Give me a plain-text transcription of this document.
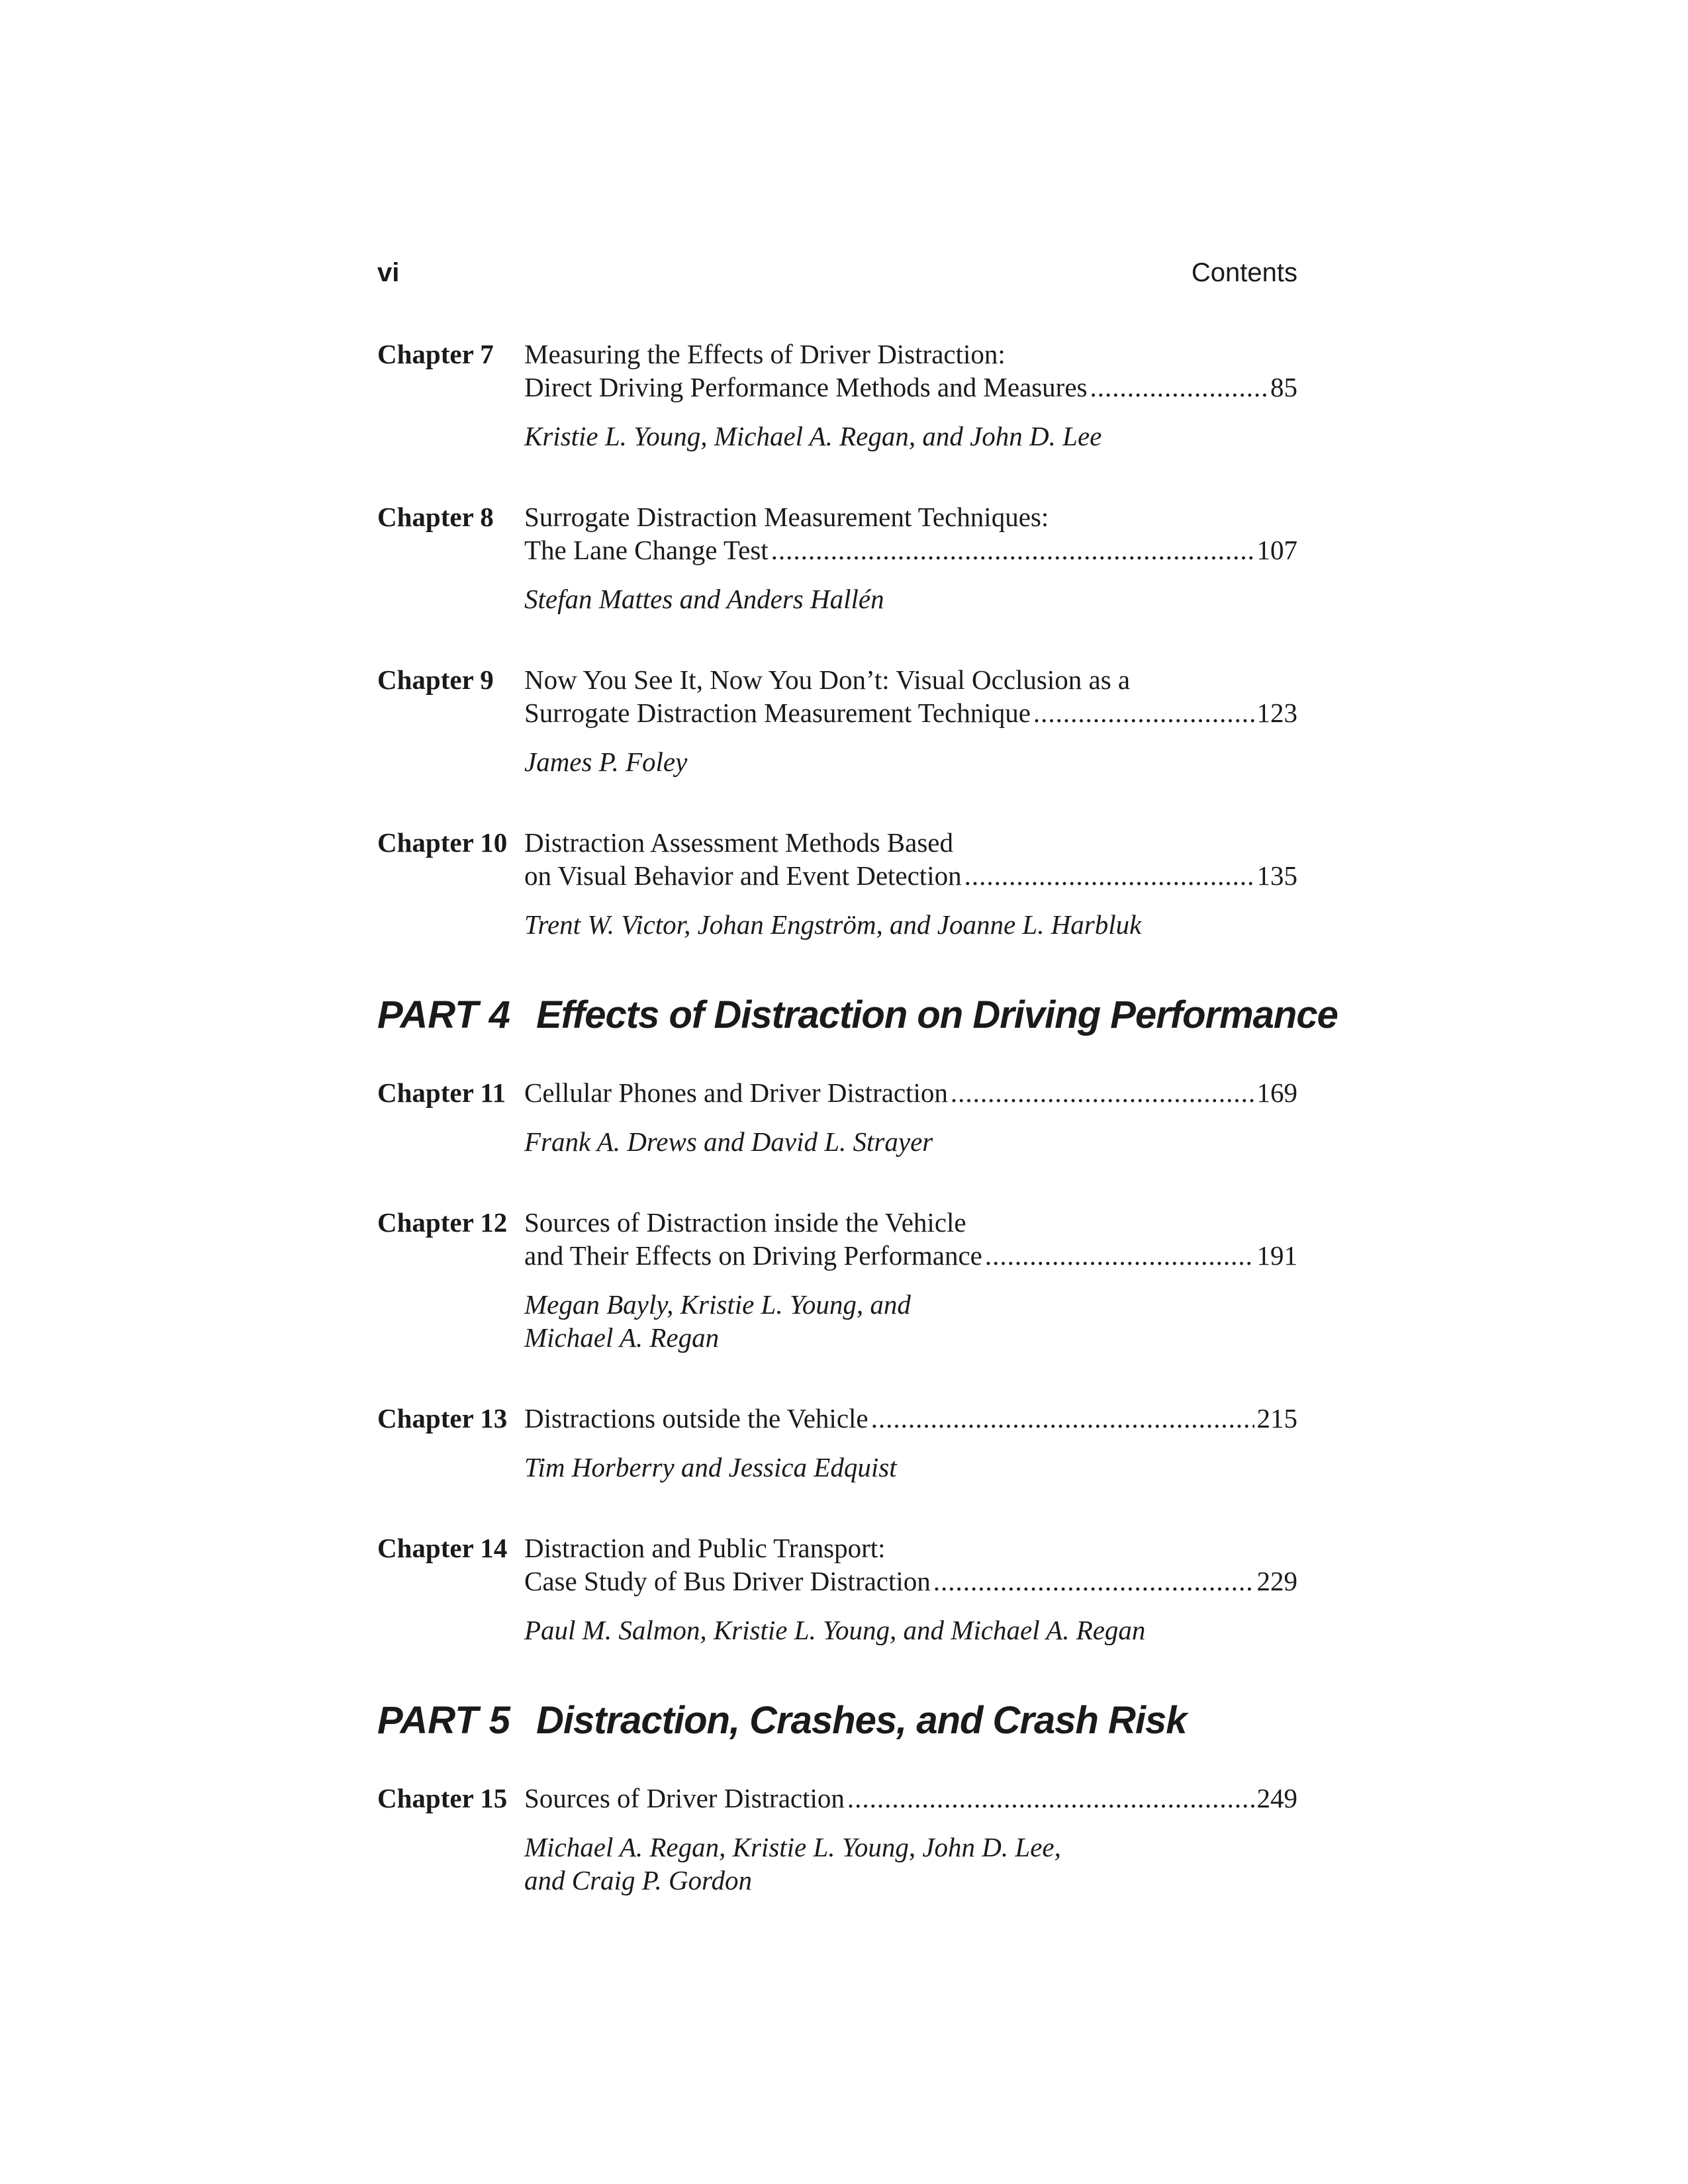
vi	Contents
Chapter 7 Measuring the Effects of Driver Distraction:
Direct Driving Performance Methods and Measures .....	85
Kristie L. Young, Michael A. Regan, and John D. Lee
Chapter 8 Surrogate Distraction Measurement Techniques:
The Lane Change Test .....	107
Stefan Mattes and Anders Hallén
Chapter 9 Now You See It, Now You Don’t: Visual Occlusion as a
Surrogate Distraction Measurement Technique .....	123
James P. Foley
Chapter 10 Distraction Assessment Methods Based
on Visual Behavior and Event Detection .....	135
Trent W. Victor, Johan Engström, and Joanne L. Harbluk
PART 4 Effects of Distraction on Driving Performance
Chapter 11 Cellular Phones and Driver Distraction .....	169
Frank A. Drews and David L. Strayer
Chapter 12 Sources of Distraction inside the Vehicle
and Their Effects on Driving Performance .....	191
Megan Bayly, Kristie L. Young, and
Michael A. Regan
Chapter 13 Distractions outside the Vehicle .....	215
Tim Horberry and Jessica Edquist
Chapter 14 Distraction and Public Transport:
Case Study of Bus Driver Distraction .....	229
Paul M. Salmon, Kristie L. Young, and Michael A. Regan
PART 5 Distraction, Crashes, and Crash Risk
Chapter 15 Sources of Driver Distraction .....	249
Michael A. Regan, Kristie L. Young, John D. Lee,
and Craig P. Gordon
